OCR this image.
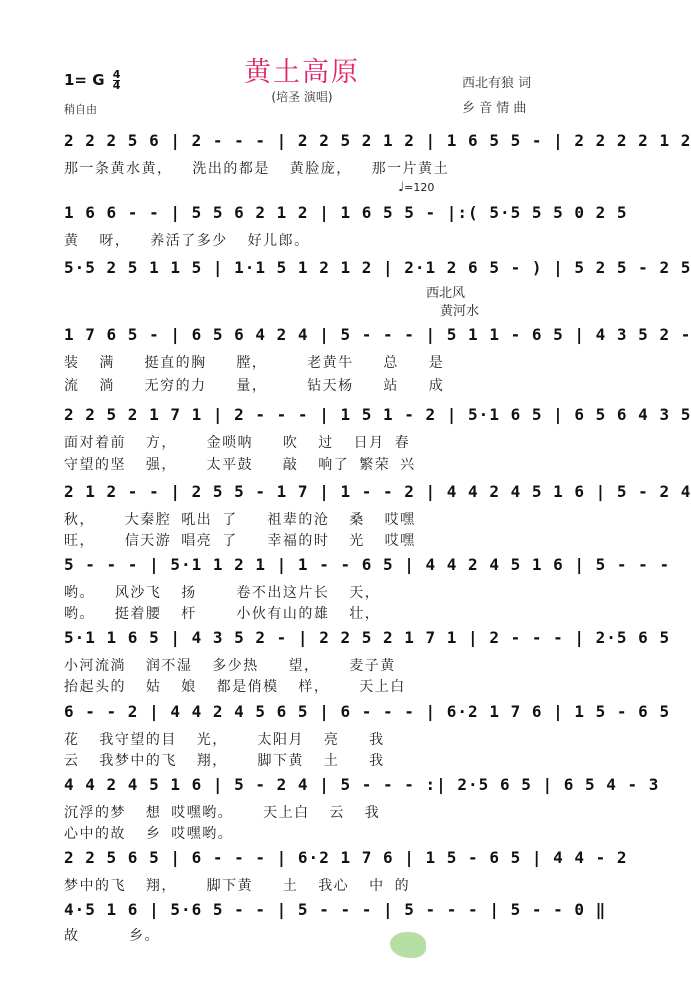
黄土高原
(培圣 演唱)
1= G $\frac{4}{4}$
稍自由
西北有狼 词
乡 音 情 曲
♩=120
2 2 2 5 6 | 2 - - - | 2 2 5 2 1 2 | 1 6 5 5 - | 2 2 2 2 1 2
那一条黄水黄，  洗出的都是  黄脸庞，  那一片黄土
1 6 6 - - | 5 5 6 2 1 2 | 1 6 5 5 - |:( 5·5 5 5 0 2 5
黄  呀，  养活了多少  好儿郎。
5·5 2 5 1 1 5 | 1·1 5 1 2 1 2 | 2·1 2 6 5 - ) | 5 2 5 - 2 5
西北风
黄河水
1 7 6 5 - | 6 5 6 4 2 4 | 5 - - - | 5 1 1 - 6 5 | 4 3 5 2 -
装  满   挺直的胸   膛，    老黄牛   总   是
流  淌   无穷的力   量，    钻天杨   站   成
2 2 5 2 1 7 1 | 2 - - - | 1 5 1 - 2 | 5·1 6 5 | 6 5 6 4 3 5
面对着前  方，   金唢呐   吹  过  日月 春
守望的坚  强，   太平鼓   敲  响了 繁荣 兴
2 1 2 - - | 2 5 5 - 1 7 | 1 - - 2 | 4 4 2 4 5 1 6 | 5 - 2 4
秋，   大秦腔 吼出 了   祖辈的沧  桑  哎嘿
旺，   信天游 唱亮 了   幸福的时  光  哎嘿
5 - - - | 5·1 1 2 1 | 1 - - 6 5 | 4 4 2 4 5 1 6 | 5 - - -
哟。  风沙飞  扬    卷不出这片长  天，
哟。  挺着腰  杆    小伙有山的雄  壮，
5·1 1 6 5 | 4 3 5 2 - | 2 2 5 2 1 7 1 | 2 - - - | 2·5 6 5
小河流淌  润不湿  多少热   望，   麦子黄
抬起头的  姑  娘  都是俏模  样，   天上白
6 - - 2 | 4 4 2 4 5 6 5 | 6 - - - | 6·2 1 7 6 | 1 5 - 6 5
花  我守望的目  光，   太阳月  亮   我
云  我梦中的飞  翔，   脚下黄  土   我
4 4 2 4 5 1 6 | 5 - 2 4 | 5 - - - :| 2·5 6 5 | 6 5 4 - 3
沉浮的梦  想 哎嘿哟。   天上白  云  我
心中的故  乡 哎嘿哟。
2 2 5 6 5 | 6 - - - | 6·2 1 7 6 | 1 5 - 6 5 | 4 4 - 2
梦中的飞  翔，   脚下黄   土  我心  中 的
4·5 1 6 | 5·6 5 - - | 5 - - - | 5 - - - | 5 - - 0 ‖
故     乡。
